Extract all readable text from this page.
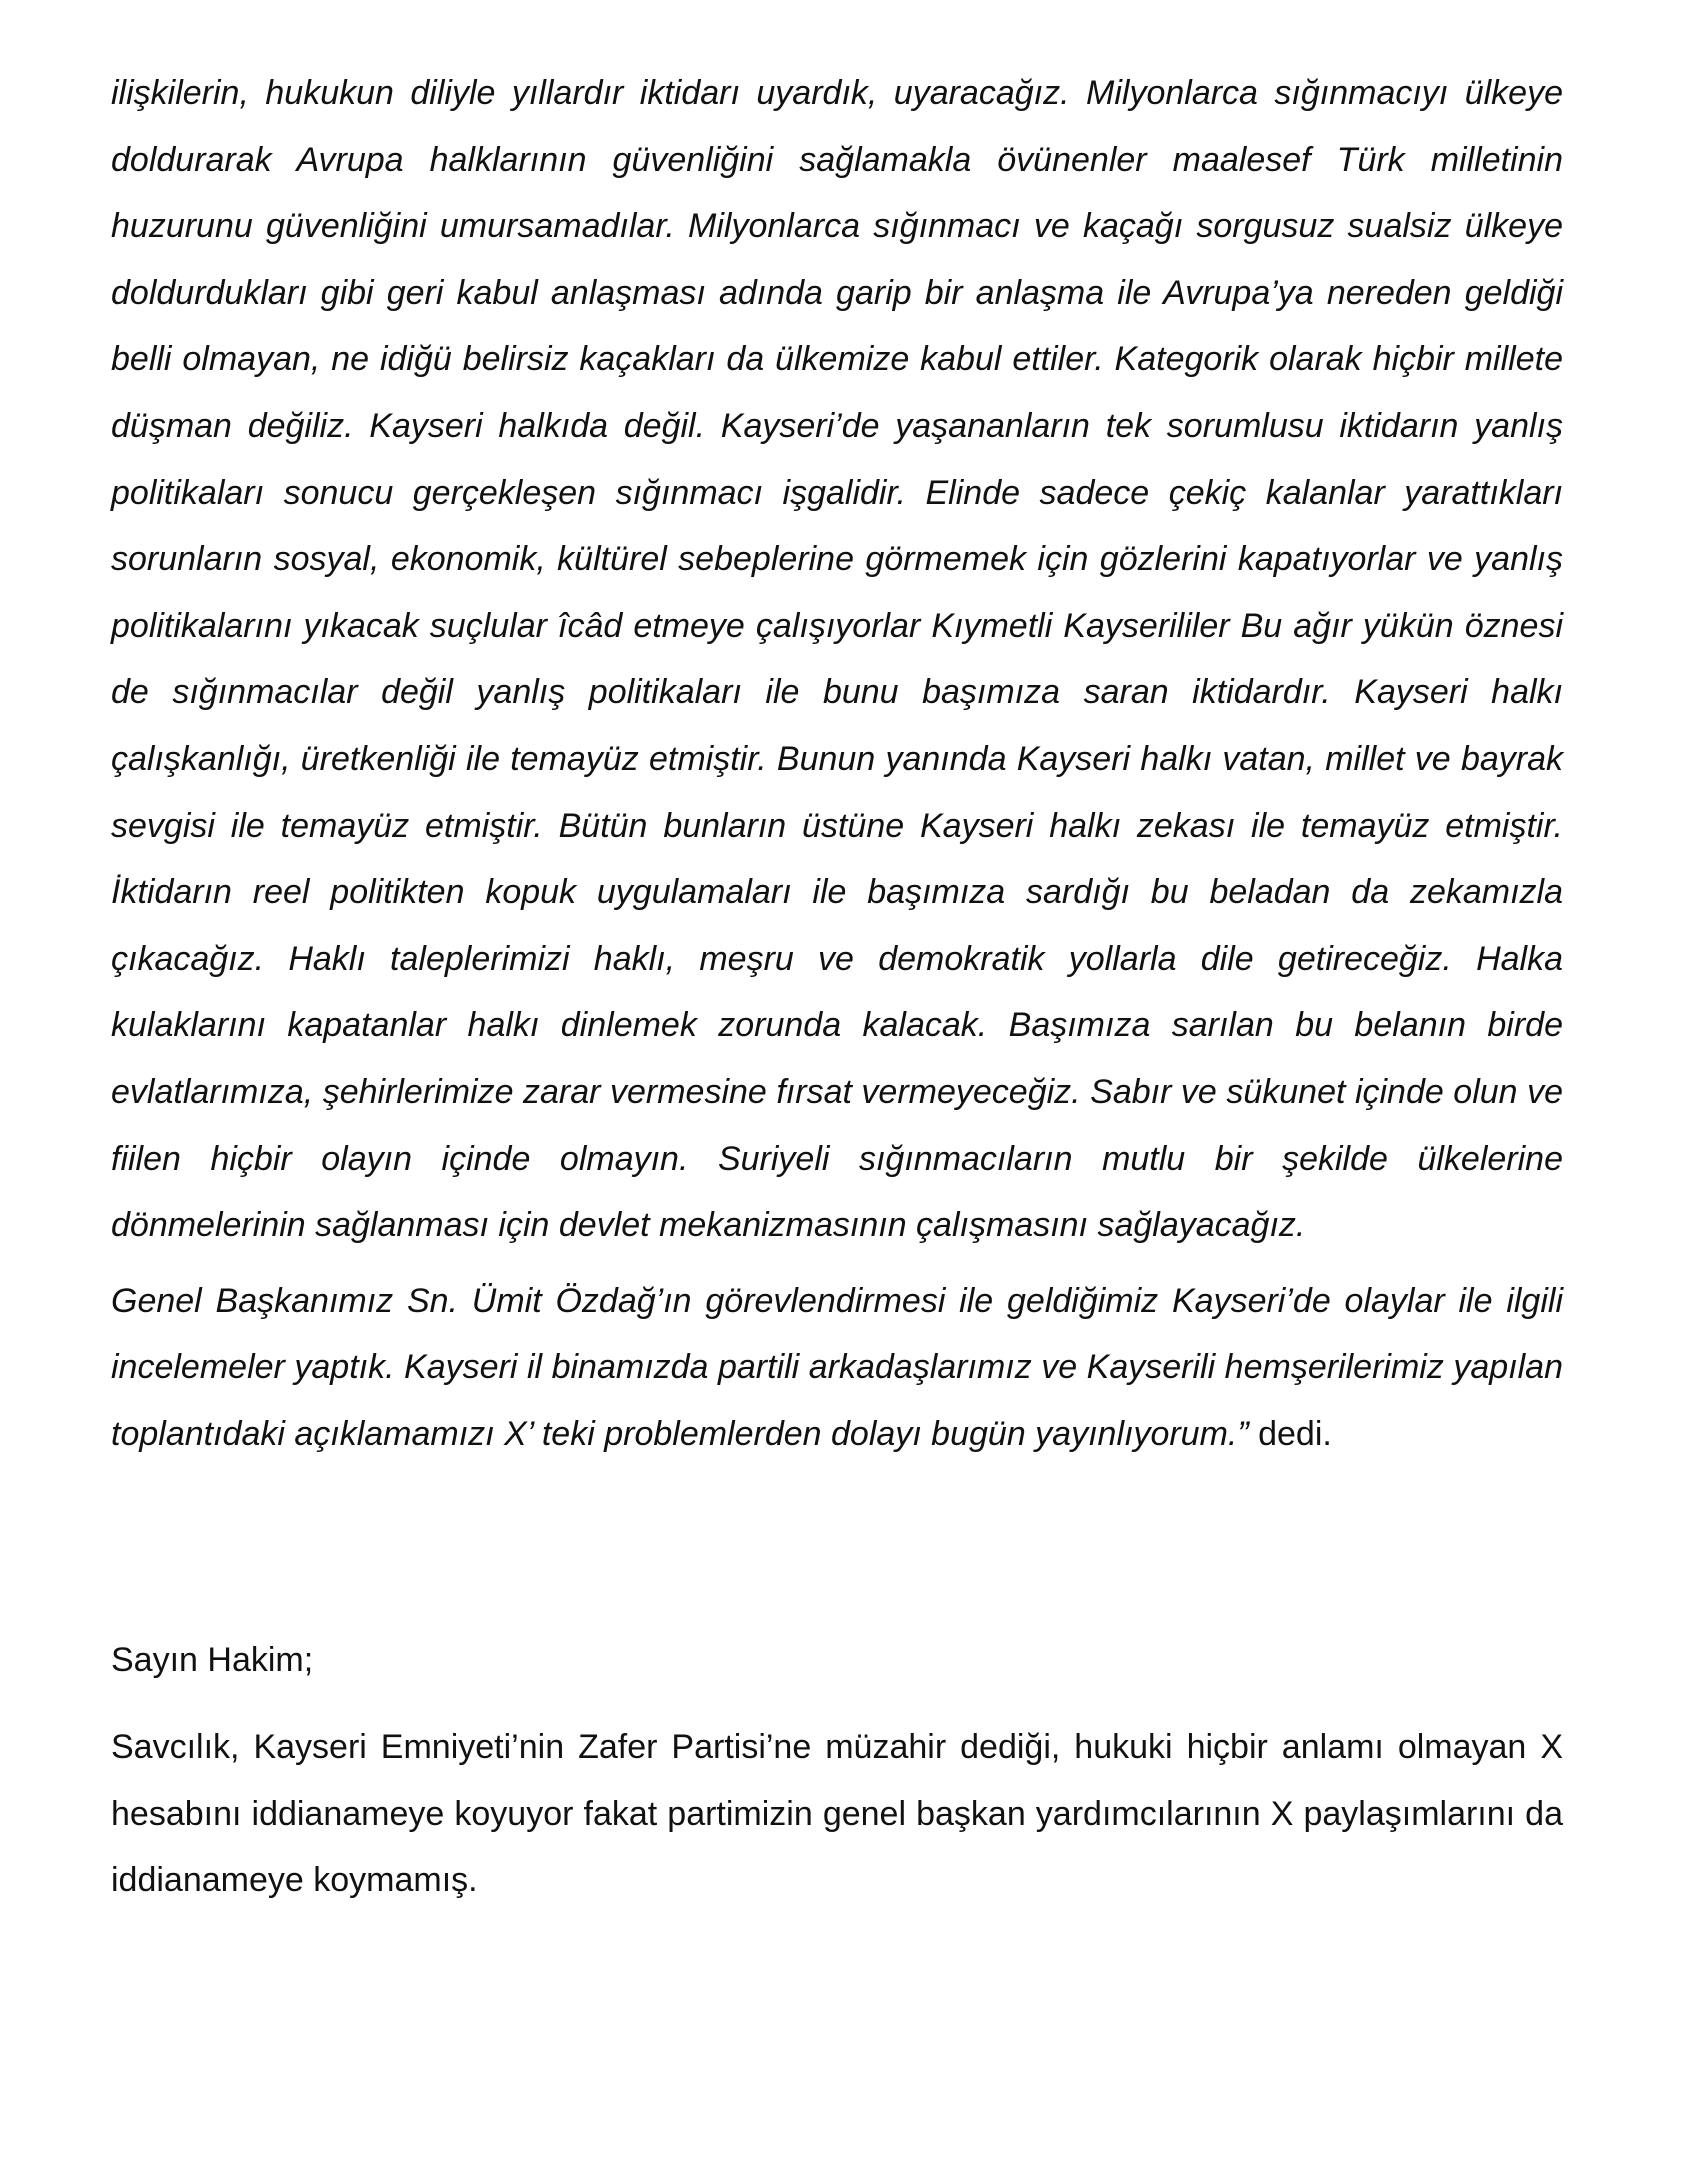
ilişkilerin, hukukun diliyle yıllardır iktidarı uyardık, uyaracağız. Milyonlarca sığınmacıyı ülkeye doldurarak Avrupa halklarının güvenliğini sağlamakla övünenler maalesef Türk milletinin huzurunu güvenliğini umursamadılar. Milyonlarca sığınmacı ve kaçağı sorgusuz sualsiz ülkeye doldurdukları gibi geri kabul anlaşması adında garip bir anlaşma ile Avrupa’ya nereden geldiği belli olmayan, ne idiğü belirsiz kaçakları da ülkemize kabul ettiler. Kategorik olarak hiçbir millete düşman değiliz. Kayseri halkıda değil. Kayseri’de yaşananların tek sorumlusu iktidarın yanlış politikaları sonucu gerçekleşen sığınmacı işgalidir. Elinde sadece çekiç kalanlar yarattıkları sorunların sosyal, ekonomik, kültürel sebeplerine görmemek için gözlerini kapatıyorlar ve yanlış politikalarını yıkacak suçlular îcâd etmeye çalışıyorlar Kıymetli Kayserililer Bu ağır yükün öznesi de sığınmacılar değil yanlış politikaları ile bunu başımıza saran iktidardır. Kayseri halkı çalışkanlığı, üretkenliği ile temayüz etmiştir. Bunun yanında Kayseri halkı vatan, millet ve bayrak sevgisi ile temayüz etmiştir. Bütün bunların üstüne Kayseri halkı zekası ile temayüz etmiştir. İktidarın reel politikten kopuk uygulamaları ile başımıza sardığı bu beladan da zekamızla çıkacağız. Haklı taleplerimizi haklı, meşru ve demokratik yollarla dile getireceğiz. Halka kulaklarını kapatanlar halkı dinlemek zorunda kalacak. Başımıza sarılan bu belanın birde evlatlarımıza, şehirlerimize zarar vermesine fırsat vermeyeceğiz. Sabır ve sükunet içinde olun ve fiilen hiçbir olayın içinde olmayın. Suriyeli sığınmacıların mutlu bir şekilde ülkelerine dönmelerinin sağlanması için devlet mekanizmasının çalışmasını sağlayacağız.

Genel Başkanımız Sn. Ümit Özdağ’ın görevlendirmesi ile geldiğimiz Kayseri’de olaylar ile ilgili incelemeler yaptık. Kayseri il binamızda partili arkadaşlarımız ve Kayserili hemşerilerimiz yapılan toplantıdaki açıklamamızı X’ teki problemlerden dolayı bugün yayınlıyorum.” dedi.

Sayın Hakim;

Savcılık, Kayseri Emniyeti’nin Zafer Partisi’ne müzahir dediği, hukuki hiçbir anlamı olmayan X hesabını iddianameye koyuyor fakat partimizin genel başkan yardımcılarının X paylaşımlarını da iddianameye koymamış.
